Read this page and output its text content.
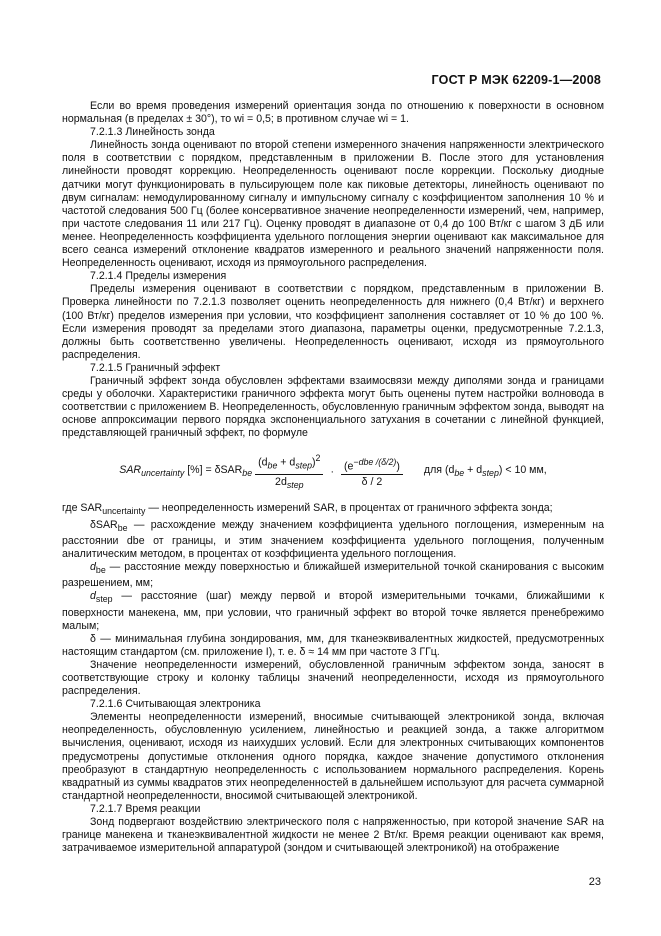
ГОСТ Р МЭК 62209-1—2008

Если во время проведения измерений ориентация зонда по отношению к поверхности в основном нормальная (в пределах ± 30°), то wi = 0,5; в противном случае wi = 1.

7.2.1.3 Линейность зонда

Линейность зонда оценивают по второй степени измеренного значения напряженности электрического поля в соответствии с порядком, представленным в приложении В. После этого для установления линейности проводят коррекцию. Неопределенность оценивают после коррекции. Поскольку диодные датчики могут функционировать в пульсирующем поле как пиковые детекторы, линейность оценивают по двум сигналам: немодулированному сигналу и импульсному сигналу с коэффициентом заполнения 10 % и частотой следования 500 Гц (более консервативное значение неопределенности измерений, чем, например, при частоте следования 11 или 217 Гц). Оценку проводят в диапазоне от 0,4 до 100 Вт/кг с шагом 3 дБ или менее. Неопределенность коэффициента удельного поглощения энергии оценивают как максимальное для всего сеанса измерений отклонение квадратов измеренного и реального значений напряженности поля. Неопределенность оценивают, исходя из прямоугольного распределения.

7.2.1.4 Пределы измерения

Пределы измерения оценивают в соответствии с порядком, представленным в приложении В. Проверка линейности по 7.2.1.3 позволяет оценить неопределенность для нижнего (0,4 Вт/кг) и верхнего (100 Вт/кг) пределов измерения при условии, что коэффициент заполнения составляет от 10 % до 100 %. Если измерения проводят за пределами этого диапазона, параметры оценки, предусмотренные 7.2.1.3, должны быть соответственно увеличены. Неопределенность оценивают, исходя из прямоугольного распределения.

7.2.1.5 Граничный эффект

Граничный эффект зонда обусловлен эффектами взаимосвязи между диполями зонда и границами среды у оболочки. Характеристики граничного эффекта могут быть оценены путем настройки волновода в соответствии с приложением В. Неопределенность, обусловленную граничным эффектом зонда, выводят на основе аппроксимации первого порядка экспоненциального затухания в сочетании с линейной функцией, представляющей граничный эффект, по формуле

$SAR_{uncertainty}$ [%] = $\delta SAR_{be} \frac{(d_{be} + d_{step})^2}{2d_{step}} \cdot \frac{(e^{-dbe /(\delta/2)})}{\delta / 2}$ для $(d_{be} + d_{step}) < 10$ мм,

где $SAR_{uncertainty}$ — неопределенность измерений SAR, в процентах от граничного эффекта зонда;

δSAR$_{be}$ — расхождение между значением коэффициента удельного поглощения, измеренным на расстоянии dbe от границы, и этим значением коэффициента удельного поглощения, полученным аналитическим методом, в процентах от коэффициента удельного поглощения.

$d_{be}$ — расстояние между поверхностью и ближайшей измерительной точкой сканирования с высоким разрешением, мм;

$d_{step}$ — расстояние (шаг) между первой и второй измерительными точками, ближайшими к поверхности манекена, мм, при условии, что граничный эффект во второй точке является пренебрежимо малым;

δ — минимальная глубина зондирования, мм, для тканеэквивалентных жидкостей, предусмотренных настоящим стандартом (см. приложение I), т. е. δ ≈ 14 мм при частоте 3 ГГц.

Значение неопределенности измерений, обусловленной граничным эффектом зонда, заносят в соответствующие строку и колонку таблицы значений неопределенности, исходя из прямоугольного распределения.

7.2.1.6 Считывающая электроника

Элементы неопределенности измерений, вносимые считывающей электроникой зонда, включая неопределенность, обусловленную усилением, линейностью и реакцией зонда, а также алгоритмом вычисления, оценивают, исходя из наихудших условий. Если для электронных считывающих компонентов предусмотрены допустимые отклонения одного порядка, каждое значение допустимого отклонения преобразуют в стандартную неопределенность с использованием нормального распределения. Корень квадратный из суммы квадратов этих неопределенностей в дальнейшем используют для расчета суммарной стандартной неопределенности, вносимой считывающей электроникой.

7.2.1.7 Время реакции

Зонд подвергают воздействию электрического поля с напряженностью, при которой значение SAR на границе манекена и тканеэквивалентной жидкости не менее 2 Вт/кг. Время реакции оценивают как время, затрачиваемое измерительной аппаратурой (зондом и считывающей электроникой) на отображение

23
